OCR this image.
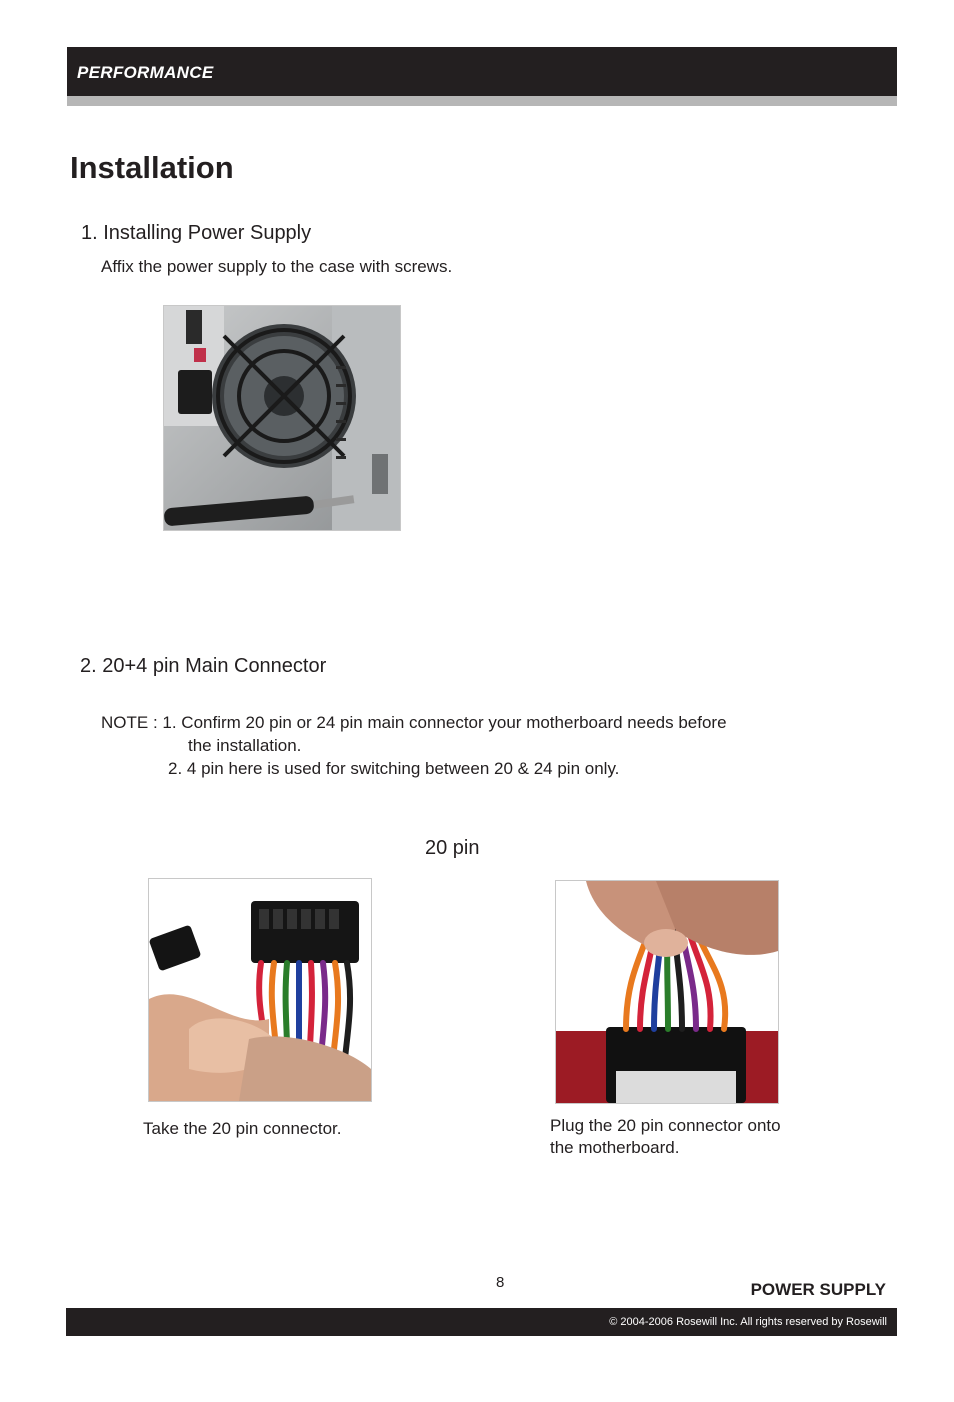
PERFORMANCE
Installation
1. Installing Power Supply
Affix the power supply to the case with screws.
2. 20+4 pin Main Connector
NOTE : 1. Confirm 20 pin or 24 pin main connector your motherboard needs before
the installation.
2. 4 pin here is used for switching between 20 & 24 pin only.
20 pin
Take the 20 pin connector.	Plug the 20 pin connector onto
the motherboard.
8	POWER SUPPLY
© 2004-2006 Rosewill Inc. All rights reserved by Rosewill
